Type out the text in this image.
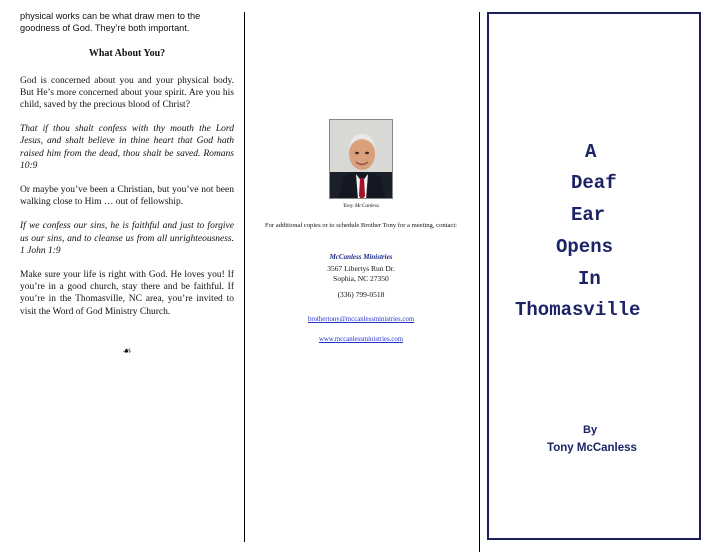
physical works can be what draw men to the goodness of God. They’re both important.

What About You?

God is concerned about you and your physical body. But He’s more concerned about your spirit. Are you his child, saved by the precious blood of Christ?

That if thou shalt confess with thy mouth the Lord Jesus, and shalt believe in thine heart that God hath raised him from the dead, thou shalt be saved. Romans 10:9

Or maybe you’ve been a Christian, but you’ve not been walking close to Him … out of fellowship.

If we confess our sins, he is faithful and just to forgive us our sins, and to cleanse us from all unrighteousness. 1 John 1:9

Make sure your life is right with God. He loves you! If you’re in a good church, stay there and be faithful. If you’re in the Thomasville, NC area, you’re invited to visit the Word of God Ministry Church.

☙
Tony McCanless
For additional copies or to schedule Brother Tony for a meeting, contact:
McCanless Ministries
3567 Libertys Run Dr.
Sophia, NC 27350
(336) 799-0518
brothertony@mccanlessministries.com
www.mccanlessministries.com
A
Deaf
Ear
Opens
In
Thomasville
By
Tony McCanless
